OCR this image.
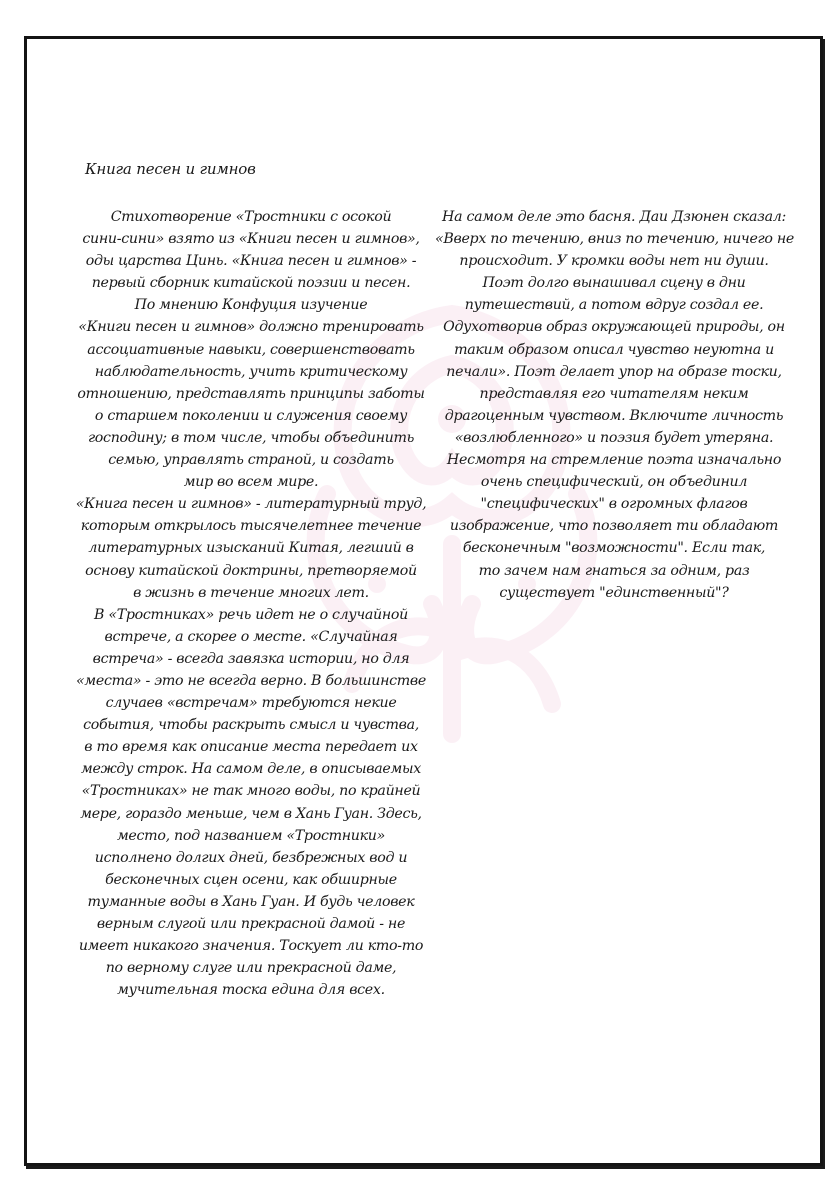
Книга песен и гимнов
Стихотворение «Тростники с осокой
сини-сини» взято из «Книги песен и гимнов»,
оды царства Цинь. «Книга песен и гимнов» -
первый сборник китайской поэзии и песен.
По мнению Конфуция изучение
«Книги песен и гимнов» должно тренировать
ассоциативные навыки, совершенствовать
наблюдательность, учить критическому
отношению, представлять принципы заботы
о старшем поколении и служения своему
господину; в том числе, чтобы объединить
семью, управлять страной, и создать
мир во всем мире.
«Книга песен и гимнов» - литературный труд,
которым открылось тысячелетнее течение
литературных изысканий Китая, легший в
основу китайской доктрины, претворяемой
в жизнь в течение многих лет.
В «Тростниках» речь идет не о случайной
встрече, а скорее о месте. «Случайная
встреча» - всегда завязка истории, но для
«места» - это не всегда верно. В большинстве
случаев «встречам» требуются некие
события, чтобы раскрыть смысл и чувства,
в то время как описание места передает их
между строк. На самом деле, в описываемых
«Тростниках» не так много воды, по крайней
мере, гораздо меньше, чем в Хань Гуан. Здесь,
место, под названием «Тростники»
исполнено долгих дней, безбрежных вод и
бесконечных сцен осени, как обширные
туманные воды в Хань Гуан. И будь человек
верным слугой или прекрасной дамой - не
имеет никакого значения. Тоскует ли кто-то
по верному слуге или прекрасной даме,
мучительная тоска едина для всех.
На самом деле это басня. Даи Дзюнен сказал:
«Вверх по течению, вниз по течению, ничего не
происходит. У кромки воды нет ни души.
Поэт долго вынашивал сцену в дни
путешествий, а потом вдруг создал ее.
Одухотворив образ окружающей природы, он
таким образом описал чувство неуютна и
печали». Поэт делает упор на образе тоски,
представляя его читателям неким
драгоценным чувством. Включите личность
«возлюбленного» и поэзия будет утеряна.
Несмотря на стремление поэта изначально
очень специфический, он объединил
"специфических" в огромных флагов
изображение, что позволяет ти обладают
бесконечным "возможности". Если так,
то зачем нам гнаться за одним, раз
существует "единственный"?
